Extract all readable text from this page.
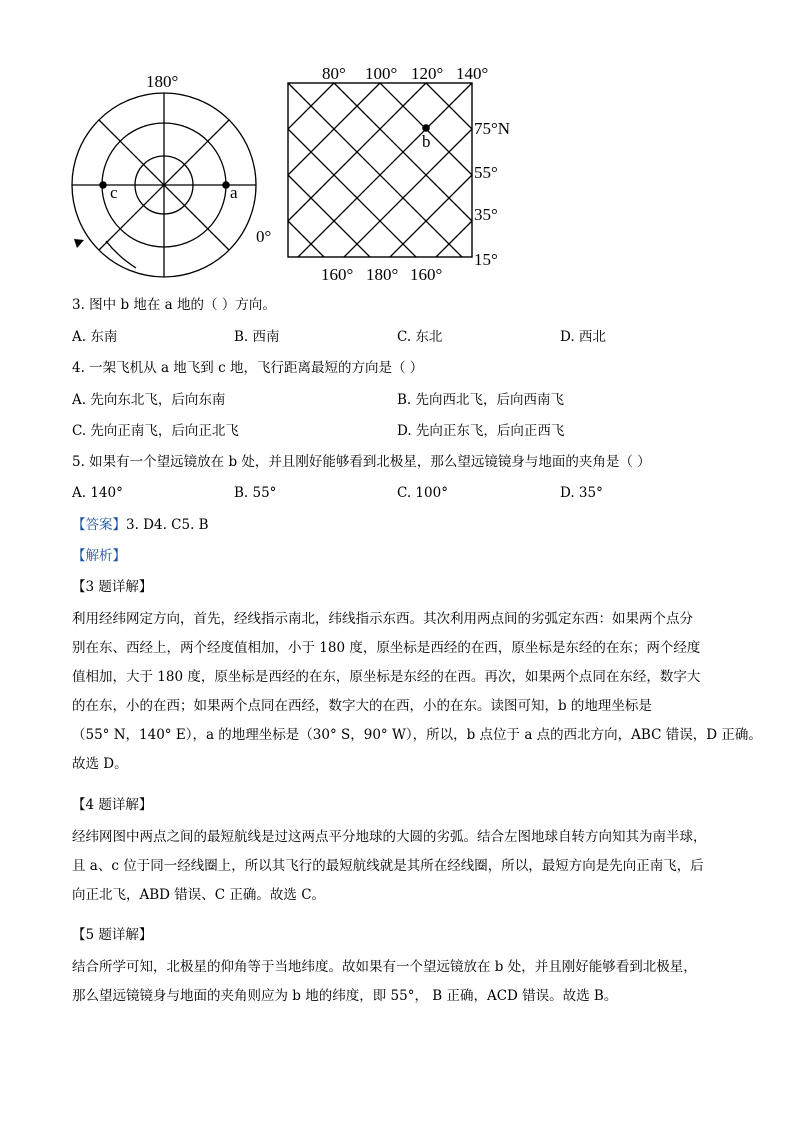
180°
0°
c	a
b
80° 100° 120° 140°
160° 180° 160°
75°N
55°
35°
15°
3. 图中 b 地在 a 地的（ ）方向。
A. 东南	B. 西南	C. 东北	D. 西北
4. 一架飞机从 a 地飞到 c 地，飞行距离最短的方向是（ ）
A. 先向东北飞，后向东南	B. 先向西北飞，后向西南飞
C. 先向正南飞，后向正北飞	D. 先向正东飞，后向正西飞
5. 如果有一个望远镜放在 b 处，并且刚好能够看到北极星，那么望远镜镜身与地面的夹角是（ ）
A. 140°	B. 55°	C. 100°	D. 35°
【答案】3. D4. C5. B
【解析】
【3 题详解】
利用经纬网定方向，首先，经线指示南北，纬线指示东西。其次利用两点间的劣弧定东西：如果两个点分
别在东、西经上，两个经度值相加，小于 180 度，原坐标是西经的在西，原坐标是东经的在东；两个经度
值相加，大于 180 度，原坐标是西经的在东，原坐标是东经的在西。再次，如果两个点同在东经，数字大
的在东，小的在西；如果两个点同在西经，数字大的在西，小的在东。读图可知，b 的地理坐标是
（55° N，140° E），a 的地理坐标是（30° S，90° W），所以，b 点位于 a 点的西北方向，ABC 错误，D 正确。
故选 D。
【4 题详解】
经纬网图中两点之间的最短航线是过这两点平分地球的大圆的劣弧。结合左图地球自转方向知其为南半球，
且 a、c 位于同一经线圈上，所以其飞行的最短航线就是其所在经线圈，所以，最短方向是先向正南飞，后
向正北飞，ABD 错误、C 正确。故选 C。
【5 题详解】
结合所学可知，北极星的仰角等于当地纬度。故如果有一个望远镜放在 b 处，并且刚好能够看到北极星，
那么望远镜镜身与地面的夹角则应为 b 地的纬度，即 55°， B 正确，ACD 错误。故选 B。
